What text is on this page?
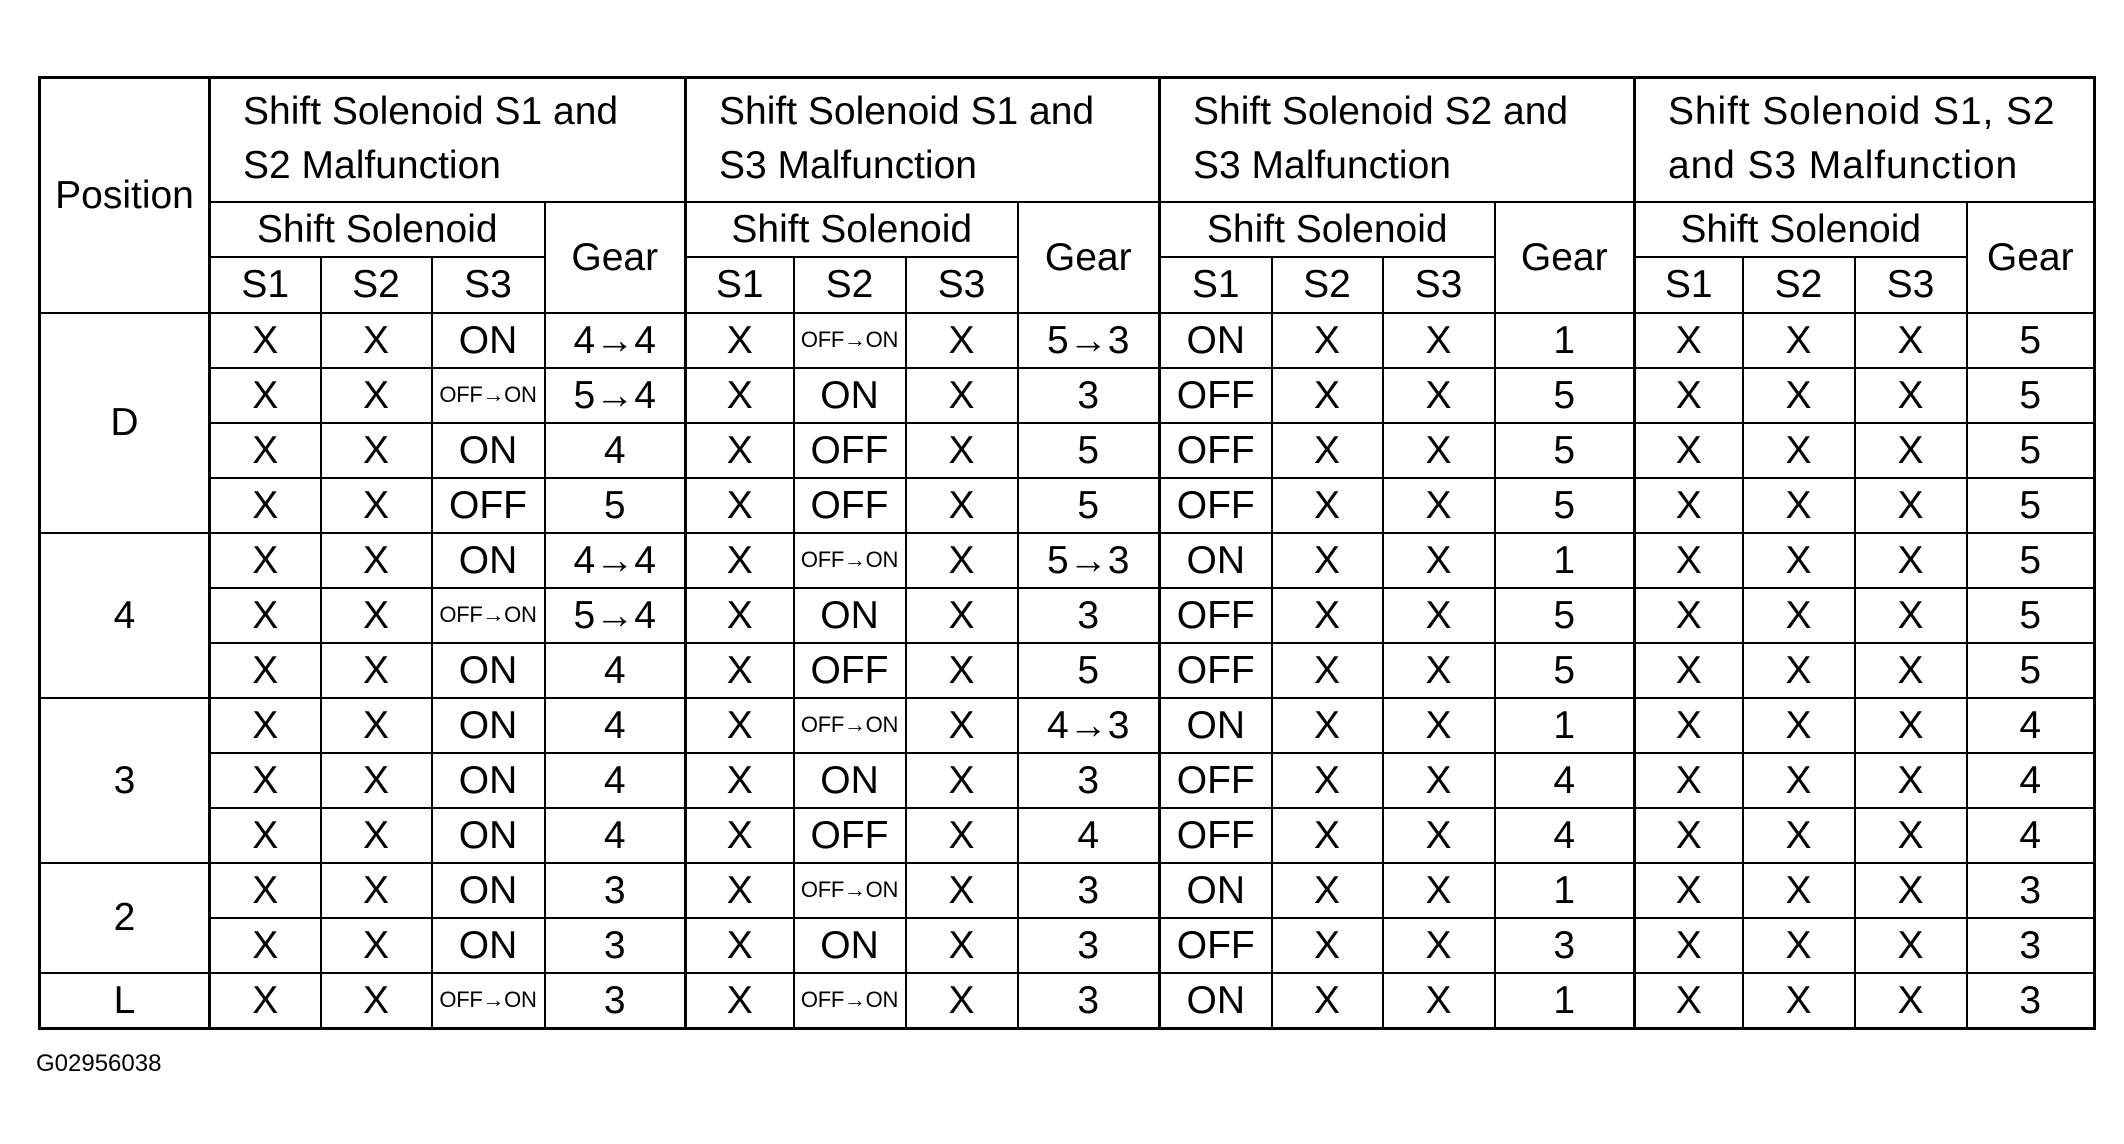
Position	Shift Solenoid S1 and S2 Malfunction				Shift Solenoid S1 and S3 Malfunction				Shift Solenoid S2 and S3 Malfunction				Shift Solenoid S1, S2 and S3 Malfunction			
	Shift Solenoid			Gear	Shift Solenoid			Gear	Shift Solenoid			Gear	Shift Solenoid			Gear
	S1	S2	S3		S1	S2	S3		S1	S2	S3		S1	S2	S3	
D	X	X	ON	4→4	X	OFF→ON	X	5→3	ON	X	X	1	X	X	X	5
	X	X	OFF→ON	5→4	X	ON	X	3	OFF	X	X	5	X	X	X	5
	X	X	ON	4	X	OFF	X	5	OFF	X	X	5	X	X	X	5
	X	X	OFF	5	X	OFF	X	5	OFF	X	X	5	X	X	X	5
4	X	X	ON	4→4	X	OFF→ON	X	5→3	ON	X	X	1	X	X	X	5
	X	X	OFF→ON	5→4	X	ON	X	3	OFF	X	X	5	X	X	X	5
	X	X	ON	4	X	OFF	X	5	OFF	X	X	5	X	X	X	5
3	X	X	ON	4	X	OFF→ON	X	4→3	ON	X	X	1	X	X	X	4
	X	X	ON	4	X	ON	X	3	OFF	X	X	4	X	X	X	4
	X	X	ON	4	X	OFF	X	4	OFF	X	X	4	X	X	X	4
2	X	X	ON	3	X	OFF→ON	X	3	ON	X	X	1	X	X	X	3
	X	X	ON	3	X	ON	X	3	OFF	X	X	3	X	X	X	3
L	X	X	OFF→ON	3	X	OFF→ON	X	3	ON	X	X	1	X	X	X	3
G02956038
